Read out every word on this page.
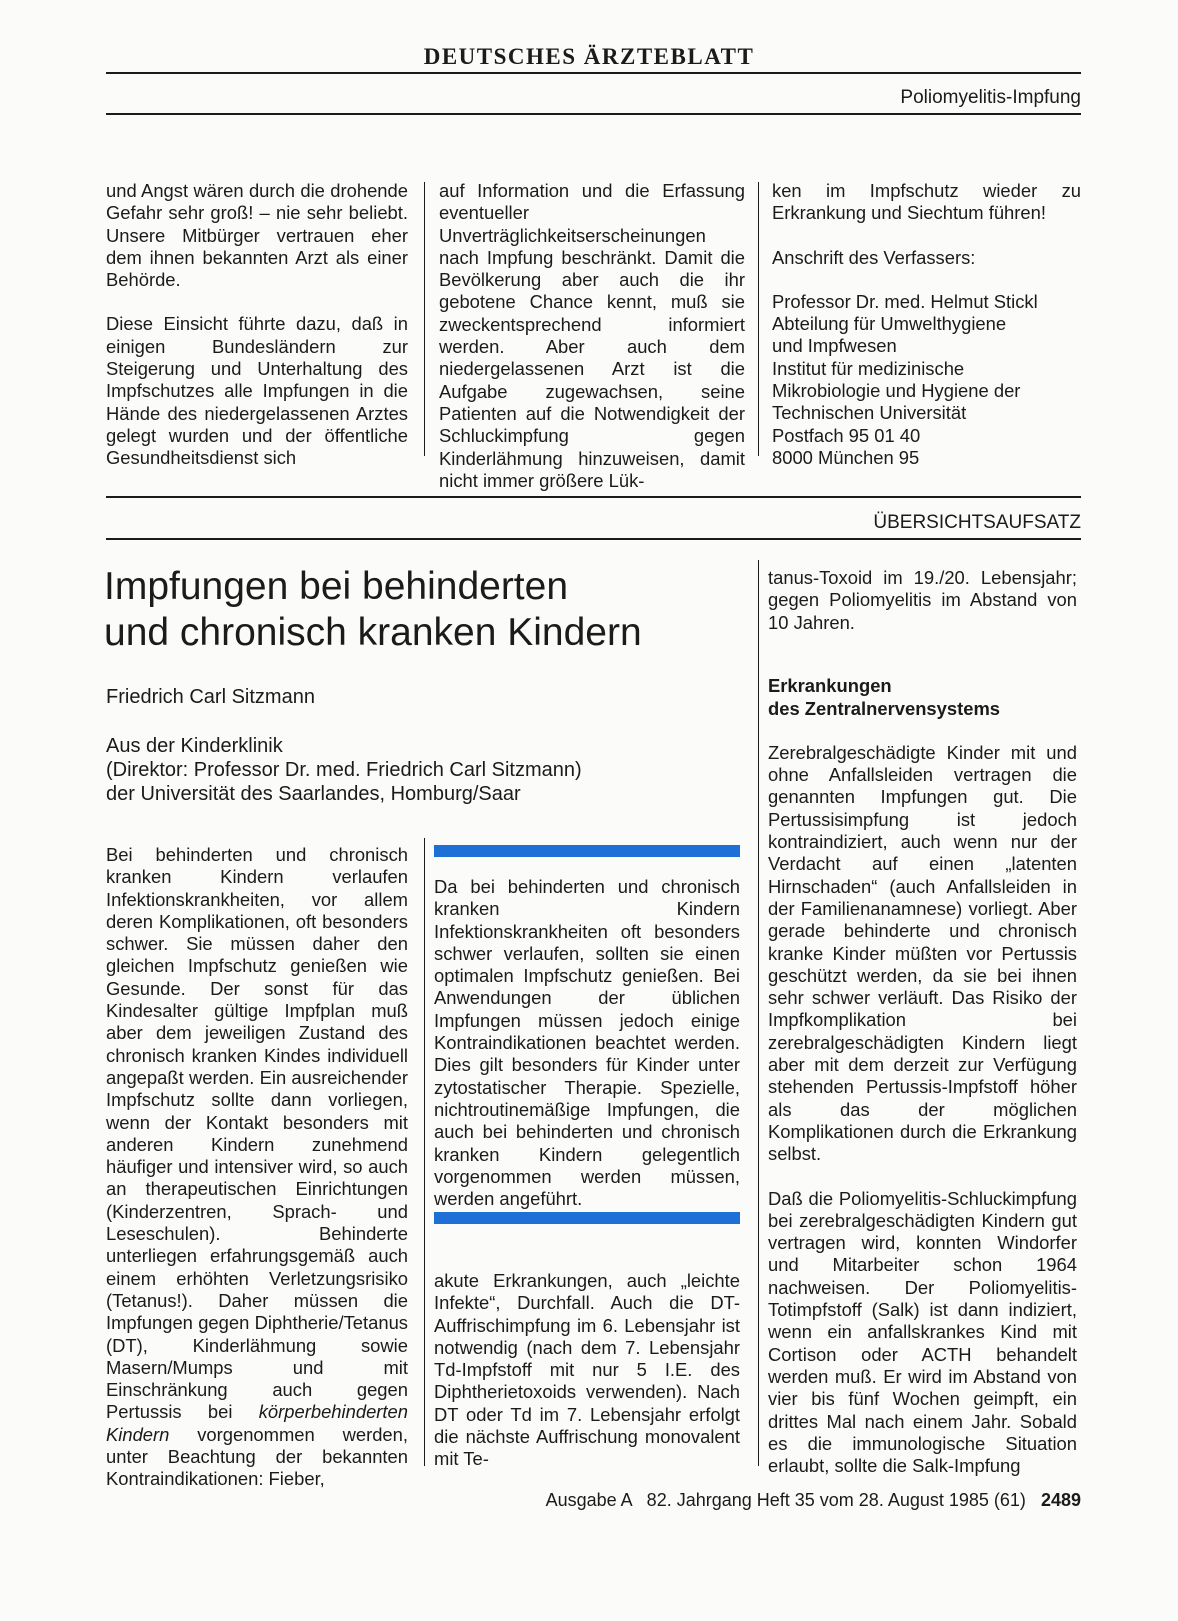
DEUTSCHES ÄRZTEBLATT
Poliomyelitis-Impfung

und Angst wären durch die drohende Gefahr sehr groß! – nie sehr beliebt. Unsere Mitbürger vertrauen eher dem ihnen bekannten Arzt als einer Behörde.

Diese Einsicht führte dazu, daß in einigen Bundesländern zur Steigerung und Unterhaltung des Impfschutzes alle Impfungen in die Hände des niedergelassenen Arztes gelegt wurden und der öffentliche Gesundheitsdienst sich

auf Information und die Erfassung eventueller Unverträglichkeitserscheinungen nach Impfung beschränkt. Damit die Bevölkerung aber auch die ihr gebotene Chance kennt, muß sie zweckentsprechend informiert werden. Aber auch dem niedergelassenen Arzt ist die Aufgabe zugewachsen, seine Patienten auf die Notwendigkeit der Schluckimpfung gegen Kinderlähmung hinzuweisen, damit nicht immer größere Lük-

ken im Impfschutz wieder zu Erkrankung und Siechtum führen!

Anschrift des Verfassers:

Professor Dr. med. Helmut Stickl
Abteilung für Umwelthygiene
und Impfwesen
Institut für medizinische
Mikrobiologie und Hygiene der
Technischen Universität
Postfach 95 01 40
8000 München 95
ÜBERSICHTSAUFSATZ
Impfungen bei behinderten
und chronisch kranken Kindern
Friedrich Carl Sitzmann
Aus der Kinderklinik
(Direktor: Professor Dr. med. Friedrich Carl Sitzmann)
der Universität des Saarlandes, Homburg/Saar

Bei behinderten und chronisch kranken Kindern verlaufen Infektionskrankheiten, vor allem deren Komplikationen, oft besonders schwer. Sie müssen daher den gleichen Impfschutz genießen wie Gesunde. Der sonst für das Kindesalter gültige Impfplan muß aber dem jeweiligen Zustand des chronisch kranken Kindes individuell angepaßt werden. Ein ausreichender Impfschutz sollte dann vorliegen, wenn der Kontakt besonders mit anderen Kindern zunehmend häufiger und intensiver wird, so auch an therapeutischen Einrichtungen (Kinderzentren, Sprach- und Leseschulen). Behinderte unterliegen erfahrungsgemäß auch einem erhöhten Verletzungsrisiko (Tetanus!). Daher müssen die Impfungen gegen Diphtherie/Tetanus (DT), Kinderlähmung sowie Masern/Mumps und mit Einschränkung auch gegen Pertussis bei körperbehinderten Kindern vorgenommen werden, unter Beachtung der bekannten Kontraindikationen: Fieber,

Da bei behinderten und chronisch kranken Kindern Infektionskrankheiten oft besonders schwer verlaufen, sollten sie einen optimalen Impfschutz genießen. Bei Anwendungen der üblichen Impfungen müssen jedoch einige Kontraindikationen beachtet werden. Dies gilt besonders für Kinder unter zytostatischer Therapie. Spezielle, nichtroutinemäßige Impfungen, die auch bei behinderten und chronisch kranken Kindern gelegentlich vorgenommen werden müssen, werden angeführt.

akute Erkrankungen, auch „leichte Infekte“, Durchfall. Auch die DT-Auffrischimpfung im 6. Lebensjahr ist notwendig (nach dem 7. Lebensjahr Td-Impfstoff mit nur 5 I.E. des Diphtherietoxoids verwenden). Nach DT oder Td im 7. Lebensjahr erfolgt die nächste Auffrischung monovalent mit Te-

tanus-Toxoid im 19./20. Lebensjahr; gegen Poliomyelitis im Abstand von 10 Jahren.

Erkrankungen
des Zentralnervensystems

Zerebralgeschädigte Kinder mit und ohne Anfallsleiden vertragen die genannten Impfungen gut. Die Pertussisimpfung ist jedoch kontraindiziert, auch wenn nur der Verdacht auf einen „latenten Hirnschaden“ (auch Anfallsleiden in der Familienanamnese) vorliegt. Aber gerade behinderte und chronisch kranke Kinder müßten vor Pertussis geschützt werden, da sie bei ihnen sehr schwer verläuft. Das Risiko der Impfkomplikation bei zerebralgeschädigten Kindern liegt aber mit dem derzeit zur Verfügung stehenden Pertussis-Impfstoff höher als das der möglichen Komplikationen durch die Erkrankung selbst.

Daß die Poliomyelitis-Schluckimpfung bei zerebralgeschädigten Kindern gut vertragen wird, konnten Windorfer und Mitarbeiter schon 1964 nachweisen. Der Poliomyelitis-Totimpfstoff (Salk) ist dann indiziert, wenn ein anfallskrankes Kind mit Cortison oder ACTH behandelt werden muß. Er wird im Abstand von vier bis fünf Wochen geimpft, ein drittes Mal nach einem Jahr. Sobald es die immunologische Situation erlaubt, sollte die Salk-Impfung

Ausgabe A   82. Jahrgang Heft 35 vom 28. August 1985 (61) 2489
